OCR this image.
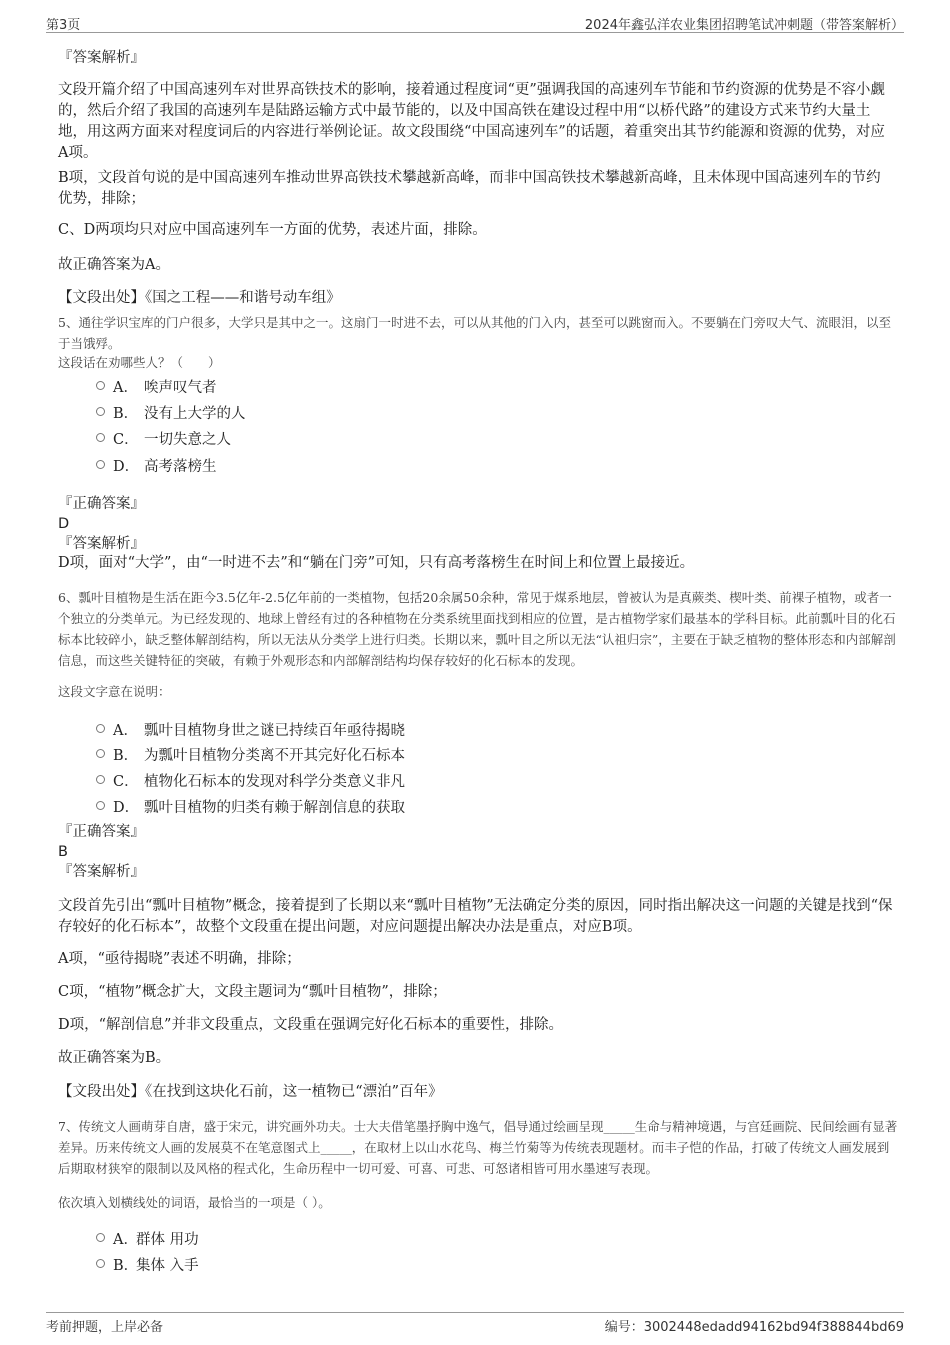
第3页	2024年鑫弘洋农业集团招聘笔试冲刺题（带答案解析）
『答案解析』
文段开篇介绍了中国高速列车对世界高铁技术的影响，接着通过程度词“更”强调我国的高速列车节能和节约资源的优势是不容小觑的，然后介绍了我国的高速列车是陆路运输方式中最节能的，以及中国高铁在建设过程中用“以桥代路”的建设方式来节约大量土地，用这两方面来对程度词后的内容进行举例论证。故文段围绕“中国高速列车”的话题，着重突出其节约能源和资源的优势，对应A项。
B项，文段首句说的是中国高速列车推动世界高铁技术攀越新高峰，而非中国高铁技术攀越新高峰，且未体现中国高速列车的节约优势，排除；
C、D两项均只对应中国高速列车一方面的优势，表述片面，排除。
故正确答案为A。
【文段出处】《国之工程——和谐号动车组》
5、通往学识宝库的门户很多，大学只是其中之一。这扇门一时进不去，可以从其他的门入内，甚至可以跳窗而入。不要躺在门旁叹大气、流眼泪，以至于当饿殍。
这段话在劝哪些人？（　　）
A． 唉声叹气者
B． 没有上大学的人
C． 一切失意之人
D． 高考落榜生
『正确答案』
D
『答案解析』
D项，面对“大学”，由“一时进不去”和“躺在门旁”可知，只有高考落榜生在时间上和位置上最接近。
6、瓢叶目植物是生活在距今3.5亿年-2.5亿年前的一类植物，包括20余属50余种，常见于煤系地层，曾被认为是真蕨类、楔叶类、前裸子植物，或者一个独立的分类单元。为已经发现的、地球上曾经有过的各种植物在分类系统里面找到相应的位置，是古植物学家们最基本的学科目标。此前瓢叶目的化石标本比较碎小，缺乏整体解剖结构，所以无法从分类学上进行归类。长期以来，瓢叶目之所以无法“认祖归宗”，主要在于缺乏植物的整体形态和内部解剖信息，而这些关键特征的突破，有赖于外观形态和内部解剖结构均保存较好的化石标本的发现。
这段文字意在说明：
A． 瓢叶目植物身世之谜已持续百年亟待揭晓
B． 为瓢叶目植物分类离不开其完好化石标本
C． 植物化石标本的发现对科学分类意义非凡
D． 瓢叶目植物的归类有赖于解剖信息的获取
『正确答案』
B
『答案解析』
文段首先引出“瓢叶目植物”概念，接着提到了长期以来“瓢叶目植物”无法确定分类的原因，同时指出解决这一问题的关键是找到“保存较好的化石标本”，故整个文段重在提出问题，对应问题提出解决办法是重点，对应B项。
A项，“亟待揭晓”表述不明确，排除；
C项，“植物”概念扩大，文段主题词为“瓢叶目植物”，排除；
D项，“解剖信息”并非文段重点，文段重在强调完好化石标本的重要性，排除。
故正确答案为B。
【文段出处】《在找到这块化石前，这一植物已“漂泊”百年》
7、传统文人画萌芽自唐，盛于宋元，讲究画外功夫。士大夫借笔墨抒胸中逸气，倡导通过绘画呈现_____生命与精神境遇，与宫廷画院、民间绘画有显著差异。历来传统文人画的发展莫不在笔意图式上_____，在取材上以山水花鸟、梅兰竹菊等为传统表现题材。而丰子恺的作品，打破了传统文人画发展到后期取材狭窄的限制以及风格的程式化，生命历程中一切可爱、可喜、可悲、可怒诸相皆可用水墨速写表现。
依次填入划横线处的词语，最恰当的一项是（ ）。
A．
群体 用功
B．
集体 入手
考前押题，上岸必备	编号：3002448edadd94162bd94f388844bd69
